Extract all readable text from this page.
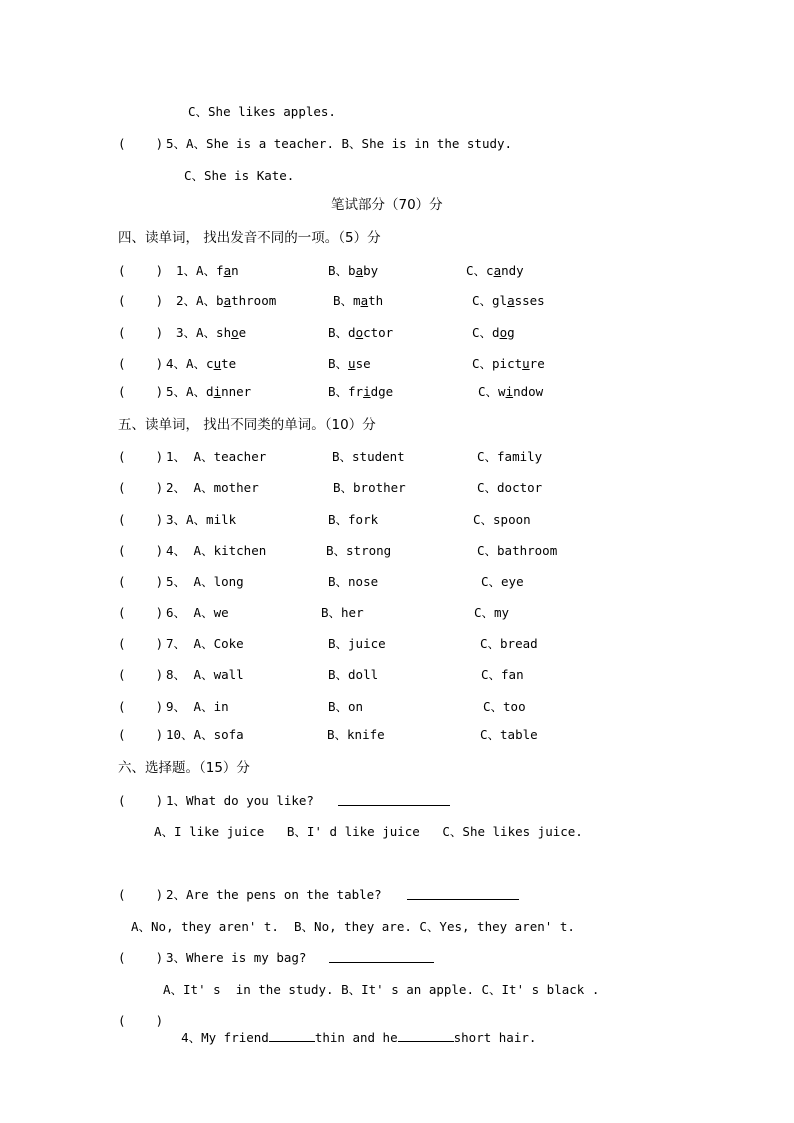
C、She likes apples.
(    ) 5、A、She is a teacher. B、She is in the study.
C、She is Kate.
笔试部分（70）分
四、读单词， 找出发音不同的一项。（5）分
(    ) 1、A、fan	B、baby	C、candy
(    ) 2、A、bathroom	B、math	C、glasses
(    ) 3、A、shoe	B、doctor	C、dog
(    ) 4、A、cute	B、use	C、picture
(    ) 5、A、dinner	B、fridge	C、window
五、读单词， 找出不同类的单词。（10）分
(    ) 1、 A、teacher	B、student	C、family
(    ) 2、 A、mother	B、brother	C、doctor
(    ) 3、A、milk	B、fork	C、spoon
(    ) 4、 A、kitchen	B、strong	C、bathroom
(    ) 5、 A、long	B、nose	C、eye
(    ) 6、 A、we	B、her	C、my
(    ) 7、 A、Coke	B、juice	C、bread
(    ) 8、 A、wall	B、doll	C、fan
(    ) 9、 A、in	B、on	C、too
(    ) 10、A、sofa	B、knife	C、table
六、选择题。（15）分
(    ) 1、What do you like?
A、I like juice   B、I' d like juice   C、She likes juice.
(    ) 2、Are the pens on the table?
A、No, they aren' t.  B、No, they are. C、Yes, they aren' t.
(    ) 3、Where is my bag?
A、It' s  in the study. B、It' s an apple. C、It' s black .
(    )

4、My friend	thin and he	short hair.
